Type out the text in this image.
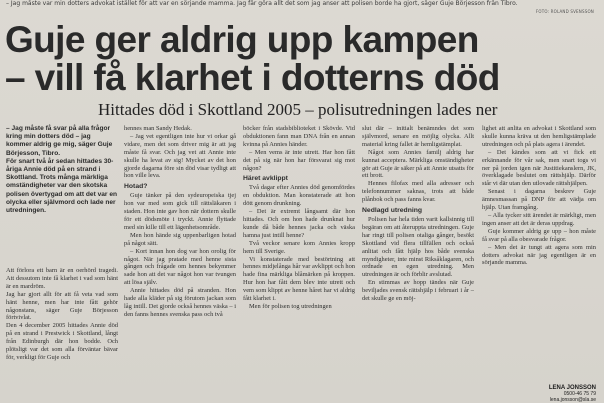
– Jag måste var min dotters advokat istället för att var en sörjande mamma. Jag får göra allt det som jag anser att polisen borde ha gjort, säger Guje Börjesson från Tibro.
FOTO: ROLAND SVENSSON
Guje ger aldrig upp kampen
– vill få klarhet i dotterns död
Hittades död i Skottland 2005 – polisutredningen lades ner

– Jag måste få svar på alla frågor kring min dotters död – jag kommer aldrig ge mig, säger Guje Börjesson, Tibro.

För snart två år sedan hittades 30-åriga Annie död på en strand i Skottland. Trots många märkliga omständigheter var den skotska polisen övertygad om att det var en olycka eller självmord och lade ner utredningen.

Att förlora ett barn är en oerhörd tragedi. Att dessutom inte få klarhet i vad som hänt är en mardröm.

Jag har gjort allt för att få veta vad som hänt henne, men har inte fått gehör någonstans, säger Guje Börjesson förtvivlat.

Den 4 december 2005 hittades Annie död på en strand i Prestwick i Skottland, långt från Edinburgh där hon bodde. Och plötsligt var det som alla förväntar bävar för, verkligt för Guje och

hennes man Sandy Hedak.

– Jag vet egentligen inte hur vi orkar gå vidare, men det som driver mig är att jag måste få svar. Och jag vet att Annie inte skulle ha levat av sig! Mycket av det hon gjorde dagarna före sin död visar tydligt att hon ville leva.

Hotad?

Guje tänker på den sydeuropeiska tjej hon var med som gick till rättsläkaren i staden. Hon inte gav hon när dottern skulle för ett dödsmöte i tryckt. Annie flyttade med sin kille till ett lägenhetsområde.

Men hon hände sig uppenbarligen hotad på något sätt.

– Kort innan hon dog var hon orolig för något. När jag pratade med henne sista gången och frågade om hennes bekymmer sade hon att det var något hon var tvungen att lösa själv.

Annie hittades död på stranden. Hon hade alla kläder på sig förutom jackan som låg intill. Det gjorde också hennes väska – i den fanns hennes svenska pass och två

böcker från stadsbiblioteket i Skövde. Vid obduktionen fann man DNA från en annan kvinna på Annies händer.

– Men vems är inte utrett. Har hon fått det på sig när hon har försvarat sig mot någon?

Häret avklippt

Två dagar efter Annies död genomfördes en obduktion. Man konstaterade att hon dött genom drunkning.

– Det är extremt långsamt där hon hittades. Och om hon hade drunknat hur kunde då både hennes jacka och väska hamna just intill henne?

Två veckor senare kom Annies kropp hem till Sverige.

Vi konstaterade med bestörtning att hennes midjelånga hår var avklippt och hon hade fina märkliga blåmärken på kroppen. Hur hon har fått dem blev inte utrett och vem som klippt av henne håret har vi aldrig fått klarhet i.

Men för polisen tog utredningen

slut där – initialt benämndes det som självmord, senare en möjlig olycka. Allt material kring fallet är hemligstämplat.

Något som Annies familj aldrig har kunnat acceptera. Märkliga omständigheter gör att Guje är säker på att Annie utsatts för ett brott.

Hennes filofax med alla adresser och telefonnummer saknas, trots att både plånbok och pass fanns kvar.

Nedlagd utredning

Polisen har hela tiden varit kallsinnig till begäran om att återuppta utredningen. Guje har ringt till polisen otaliga gånger, besökt Skottland vid flera tillfällen och också anlitat och fått hjälp hos både svenska myndigheter, inte minst Riksåklagaren, och ordnade en egen utredning. Men utredningen är och förblir avslutad.

En stimmas av hopp tändes när Guje beviljades svensk rättshjälp i februari i år – det skulle ge en möj-

lighet att anlita en advokat i Skottland som skulle kunna kräva ut den hemligstämplade utredningen och på plats agera i ärendet.

– Det kändes som att vi fick ett erkännande för vår sak, men snart togs vi ner på jorden igen när Justitiekanslern, JK, överklagade beslutet om rättshjälp. Därför står vi där utan den utlovade rättshjälpen.

Senast i dagarna beskrev Guje ämnesmassan på DNP för att vädja om hjälp. Utan framgång.

– Alla tycker sitt ärendet är märkligt, men ingen anser att det är deras uppdrag.

Guje kommer aldrig ge upp – hon måste få svar på alla obesvarade frågor.

– Men det är tungt att agera som min dotters advokat när jag egentligen är en sörjande mamma.

LENA JONSSON
0500-46 75 79
lena.jonsson@sla.se
